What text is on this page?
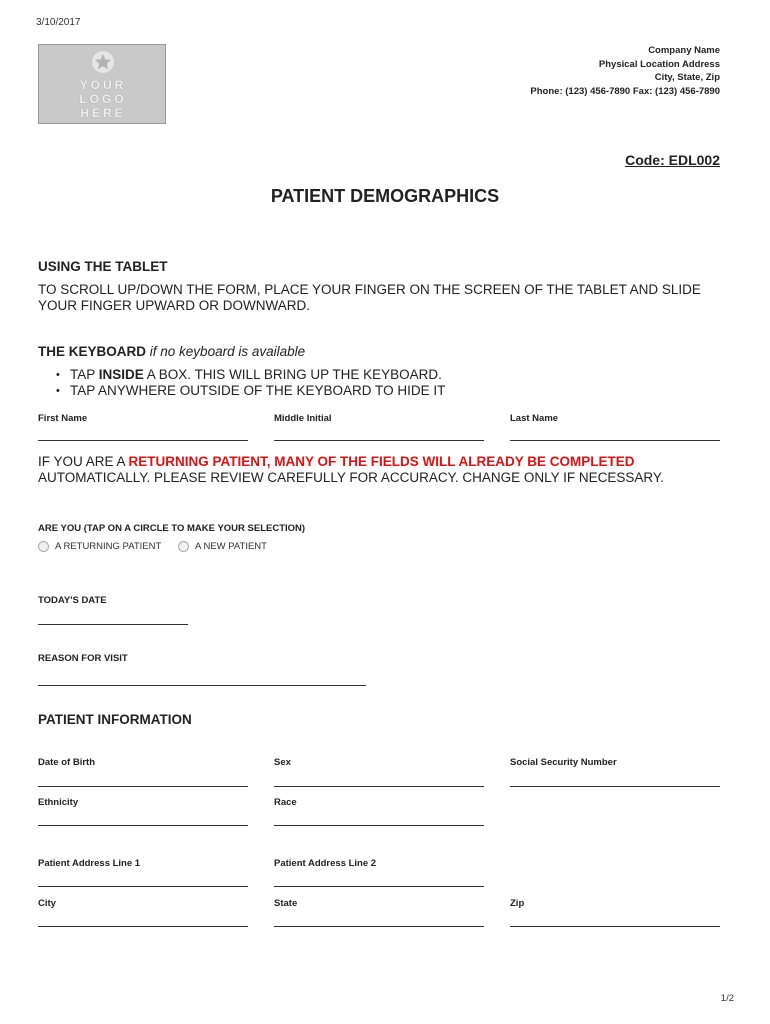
3/10/2017
YOUR
LOGO
HERE
Company Name
Physical Location Address
City, State, Zip
Phone: (123) 456-7890 Fax: (123) 456-7890
Code: EDL002
PATIENT DEMOGRAPHICS
USING THE TABLET
TO SCROLL UP/DOWN THE FORM, PLACE YOUR FINGER ON THE SCREEN OF THE TABLET AND SLIDE YOUR FINGER UPWARD OR DOWNWARD.
THE KEYBOARD if no keyboard is available
• TAP INSIDE A BOX. THIS WILL BRING UP THE KEYBOARD.
• TAP ANYWHERE OUTSIDE OF THE KEYBOARD TO HIDE IT
First Name	Middle Initial	Last Name
IF YOU ARE A RETURNING PATIENT, MANY OF THE FIELDS WILL ALREADY BE COMPLETED AUTOMATICALLY. PLEASE REVIEW CAREFULLY FOR ACCURACY. CHANGE ONLY IF NECESSARY.
ARE YOU (TAP ON A CIRCLE TO MAKE YOUR SELECTION)
A RETURNING PATIENT	A NEW PATIENT
TODAY'S DATE
REASON FOR VISIT
PATIENT INFORMATION
Date of Birth	Sex	Social Security Number
Ethnicity	Race
Patient Address Line 1	Patient Address Line 2
City	State	Zip
1/2
